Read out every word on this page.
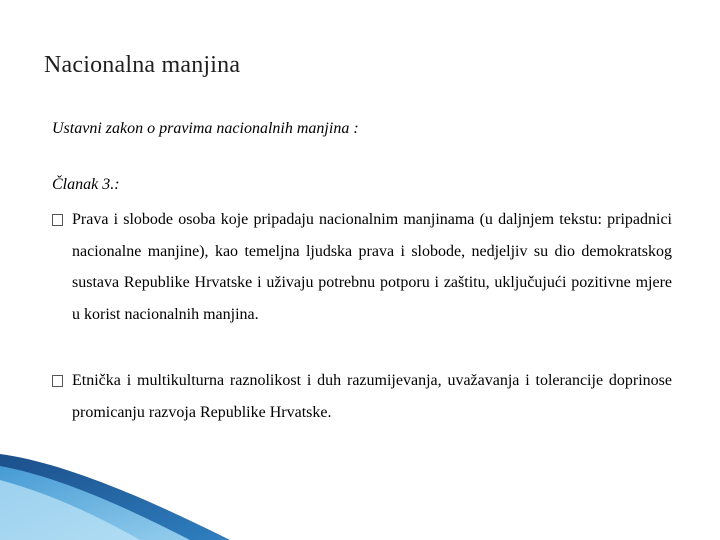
Nacionalna manjina
Ustavni zakon o pravima nacionalnih manjina :
Članak 3.:
Prava i slobode osoba koje pripadaju nacionalnim manjinama (u daljnjem tekstu: pripadnici nacionalne manjine), kao temeljna ljudska prava i slobode, nedjeljiv su dio demokratskog sustava Republike Hrvatske i uživaju potrebnu potporu i zaštitu, uključujući pozitivne mjere u korist nacionalnih manjina.
Etnička i multikulturna raznolikost i duh razumijevanja, uvažavanja i tolerancije doprinose promicanju razvoja Republike Hrvatske.
